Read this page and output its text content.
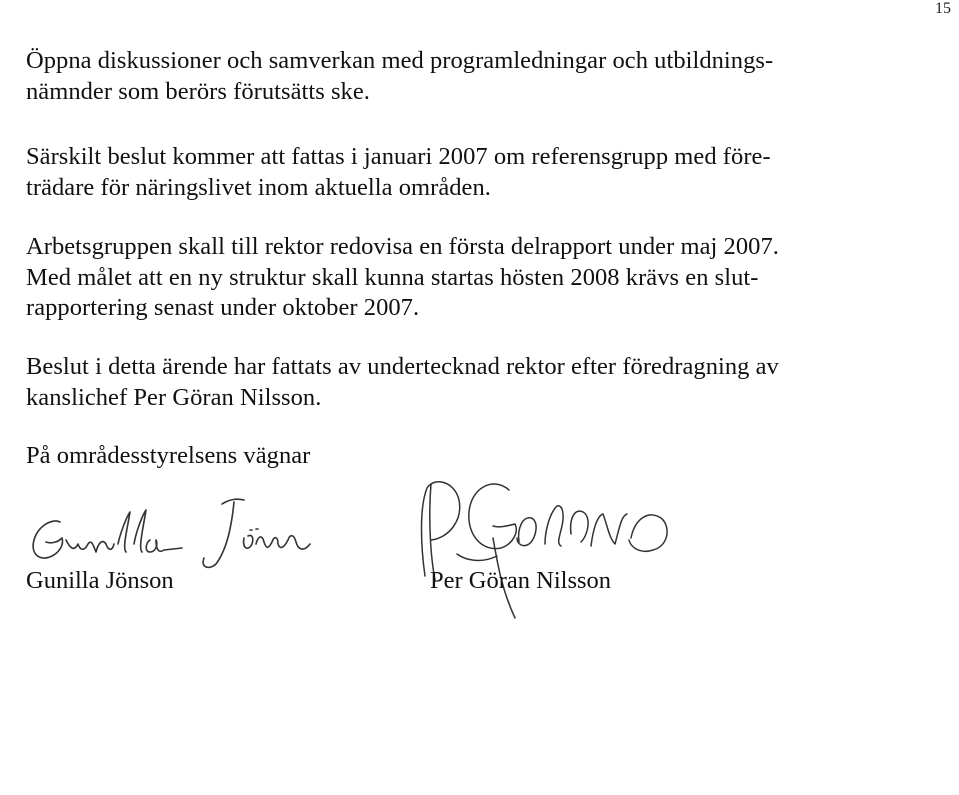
15

Öppna diskussioner och samverkan med programledningar och utbildnings-
nämnder som berörs förutsätts ske.

Särskilt beslut kommer att fattas i januari 2007 om referensgrupp med före-
trädare för näringslivet inom aktuella områden.

Arbetsgruppen skall till rektor redovisa en första delrapport under maj 2007.
Med målet att en ny struktur skall kunna startas hösten 2008 krävs en slut-
rapportering senast under oktober 2007.

Beslut i detta ärende har fattats av undertecknad rektor efter föredragning av
kanslichef Per Göran Nilsson.

På områdesstyrelsens vägnar

Gunilla Jönson	Per Göran Nilsson
